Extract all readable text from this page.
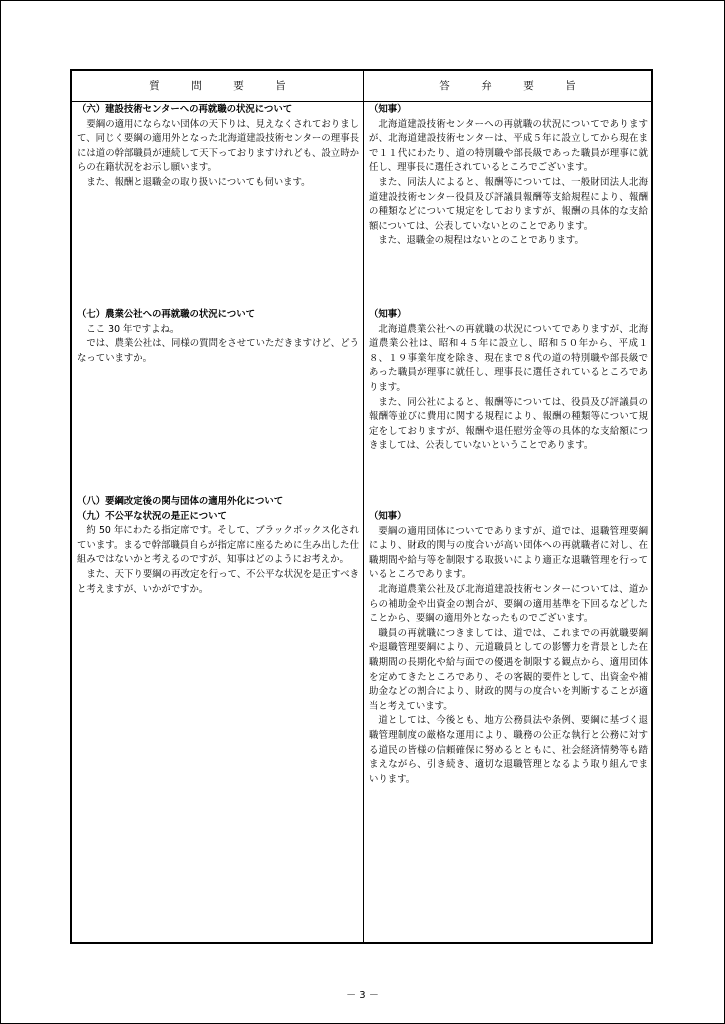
質　　　問　　　要　　　旨	答　　　弁　　　要　　　旨

（六）建設技術センターへの再就職の状況について

要綱の適用にならない団体の天下りは、見えなくされておりまして、同じく要綱の適用外となった北海道建設技術センターの理事長には道の幹部職員が連続して天下っておりますけれども、設立時からの在籍状況をお示し願います。

また、報酬と退職金の取り扱いについても伺います。

（七）農業公社への再就職の状況について

ここ 30 年ですよね。

では、農業公社は、同様の質問をさせていただきますけど、どうなっていますか。

（八）要綱改定後の関与団体の適用外化について

（九）不公平な状況の是正について

約 50 年にわたる指定席です。そして、ブラックボックス化されています。まるで幹部職員自らが指定席に座るために生み出した仕組みではないかと考えるのですが、知事はどのようにお考えか。

また、天下り要綱の再改定を行って、不公平な状況を是正すべきと考えますが、いかがですか。

（知事）

北海道建設技術センターへの再就職の状況についてでありますが、北海道建設技術センターは、平成５年に設立してから現在まで１１代にわたり、道の特別職や部長級であった職員が理事に就任し、理事長に選任されているところでございます。

また、同法人によると、報酬等については、一般財団法人北海道建設技術センター役員及び評議員報酬等支給規程により、報酬の種類などについて規定をしておりますが、報酬の具体的な支給額については、公表していないとのことであります。

また、退職金の規程はないとのことであります。

（知事）

北海道農業公社への再就職の状況についてでありますが、北海道農業公社は、昭和４５年に設立し、昭和５０年から、平成１８、１９事業年度を除き、現在まで８代の道の特別職や部長級であった職員が理事に就任し、理事長に選任されているところであります。

また、同公社によると、報酬等については、役員及び評議員の報酬等並びに費用に関する規程により、報酬の種類等について規定をしておりますが、報酬や退任慰労金等の具体的な支給額につきましては、公表していないということであります。

（知事）

要綱の適用団体についてでありますが、道では、退職管理要綱により、財政的関与の度合いが高い団体への再就職者に対し、在職期間や給与等を制限する取扱いにより適正な退職管理を行っているところであります。

北海道農業公社及び北海道建設技術センターについては、道からの補助金や出資金の割合が、要綱の適用基準を下回るなどしたことから、要綱の適用外となったものでございます。

職員の再就職につきましては、道では、これまでの再就職要綱や退職管理要綱により、元道職員としての影響力を背景とした在職期間の長期化や給与面での優遇を制限する観点から、適用団体を定めてきたところであり、その客観的要件として、出資金や補助金などの割合により、財政的関与の度合いを判断することが適当と考えています。

道としては、今後とも、地方公務員法や条例、要綱に基づく退職管理制度の厳格な運用により、職務の公正な執行と公務に対する道民の皆様の信頼確保に努めるとともに、社会経済情勢等も踏まえながら、引き続き、適切な退職管理となるよう取り組んでまいります。

－ 3 －
